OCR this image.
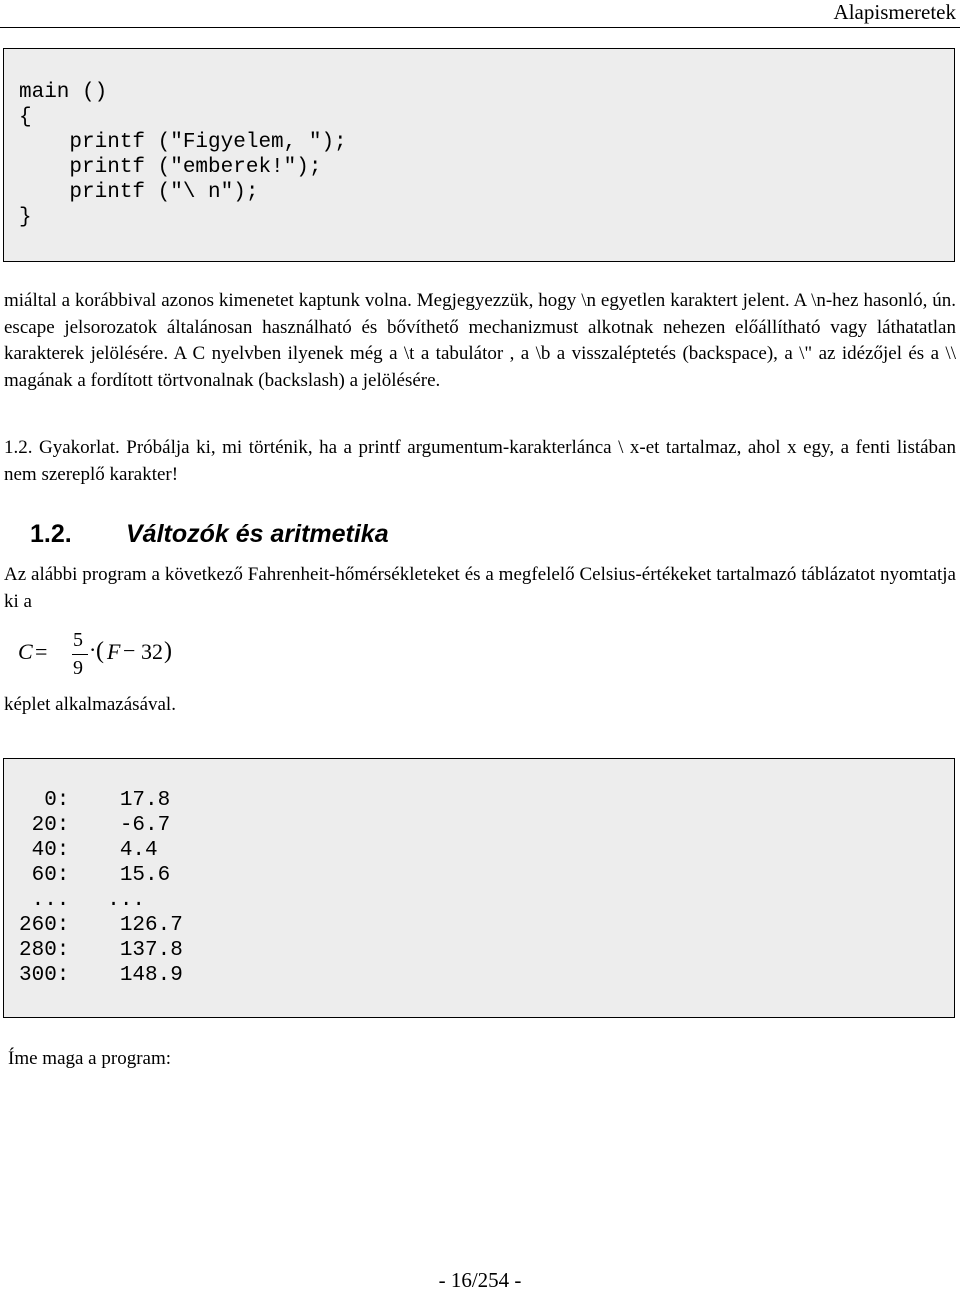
Alapismeretek
main ()
{
printf ("Figyelem, ");
printf ("emberek!");
printf ("\ n");
}

miáltal a korábbival azonos kimenetet kaptunk volna. Megjegyezzük, hogy \n egyetlen karaktert jelent. A \n-hez hasonló, ún. escape jelsorozatok általánosan használható és bővíthető mechanizmust alkotnak nehezen előállítható vagy láthatatlan karakterek jelölésére. A C nyelvben ilyenek még a \t a tabulátor , a \b a visszaléptetés (backspace), a \" az idézőjel és a \\ magának a fordított törtvonalnak (backslash) a jelölésére.

1.2. Gyakorlat. Próbálja ki, mi történik, ha a printf argumentum-karakterlánca \ x-et tartalmaz, ahol x egy, a fenti listában nem szereplő karakter!

1.2. Változók és aritmetika

Az alábbi program a következő Fahrenheit-hőmérsékleteket és a megfelelő Celsius-értékeket tartalmazó táblázatot nyomtatja ki a

C = 5
9
· ( F − 32 )

képlet alkalmazásával.

0:    17.8
20:    -6.7
40:    4.4
60:    15.6
...   ...
260:    126.7
280:    137.8
300:    148.9

Íme maga a program:

- 16/254 -
